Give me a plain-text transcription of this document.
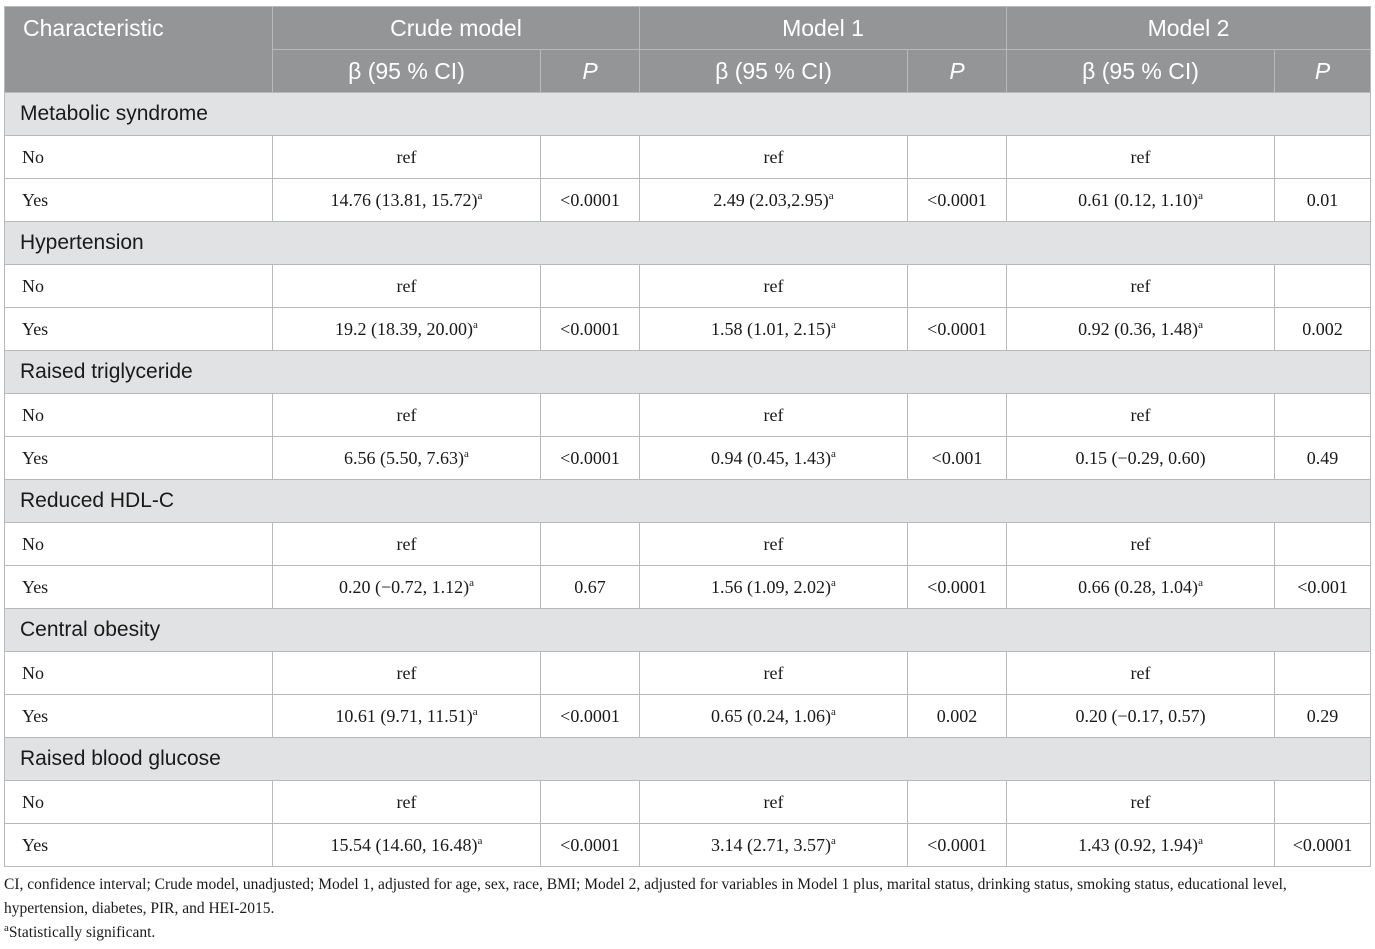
Characteristic	Crude model		Model 1		Model 2	
	β (95 % CI)	P	β (95 % CI)	P	β (95 % CI)	P
Metabolic syndrome						
No	ref		ref		ref	
Yes	14.76 (13.81, 15.72)$^a$	<0.0001	2.49 $(2.03,2.95)^a$	<0.0001	0.61 (0.12, 1.10)$^a$	0.01
Hypertension						
No	ref		ref		ref	
Yes	19.2 (18.39, 20.00)$^a$	<0.0001	1.58 (1.01, 2.15)$^a$	<0.0001	0.92 (0.36, 1.48)$^a$	0.002
Raised triglyceride						
No	ref		ref		ref	
Yes	6.56 (5.50, 7.63)$^a$	<0.0001	0.94 (0.45, 1.43)$^a$	<0.001	0.15 (−0.29, 0.60)	0.49
Reduced HDL-C						
No	ref		ref		ref	
Yes	0.20 (−0.72, 1.12)$^a$	0.67	1.56 (1.09, 2.02)$^a$	<0.0001	0.66 (0.28, 1.04)$^a$	<0.001
Central obesity						
No	ref		ref		ref	
Yes	10.61 (9.71, 11.51)$^a$	<0.0001	0.65 (0.24, 1.06)$^a$	0.002	0.20 (−0.17, 0.57)	0.29
Raised blood glucose						
No	ref		ref		ref	
Yes	15.54 (14.60, 16.48)$^a$	<0.0001	3.14 (2.71, 3.57)$^a$	<0.0001	1.43 (0.92, 1.94)$^a$	<0.0001

CI, confidence interval; Crude model, unadjusted; Model 1, adjusted for age, sex, race, BMI; Model 2, adjusted for variables in Model 1 plus, marital status, drinking status, smoking status, educational level, hypertension, diabetes, PIR, and HEI-2015.

$^a$Statistically significant.
